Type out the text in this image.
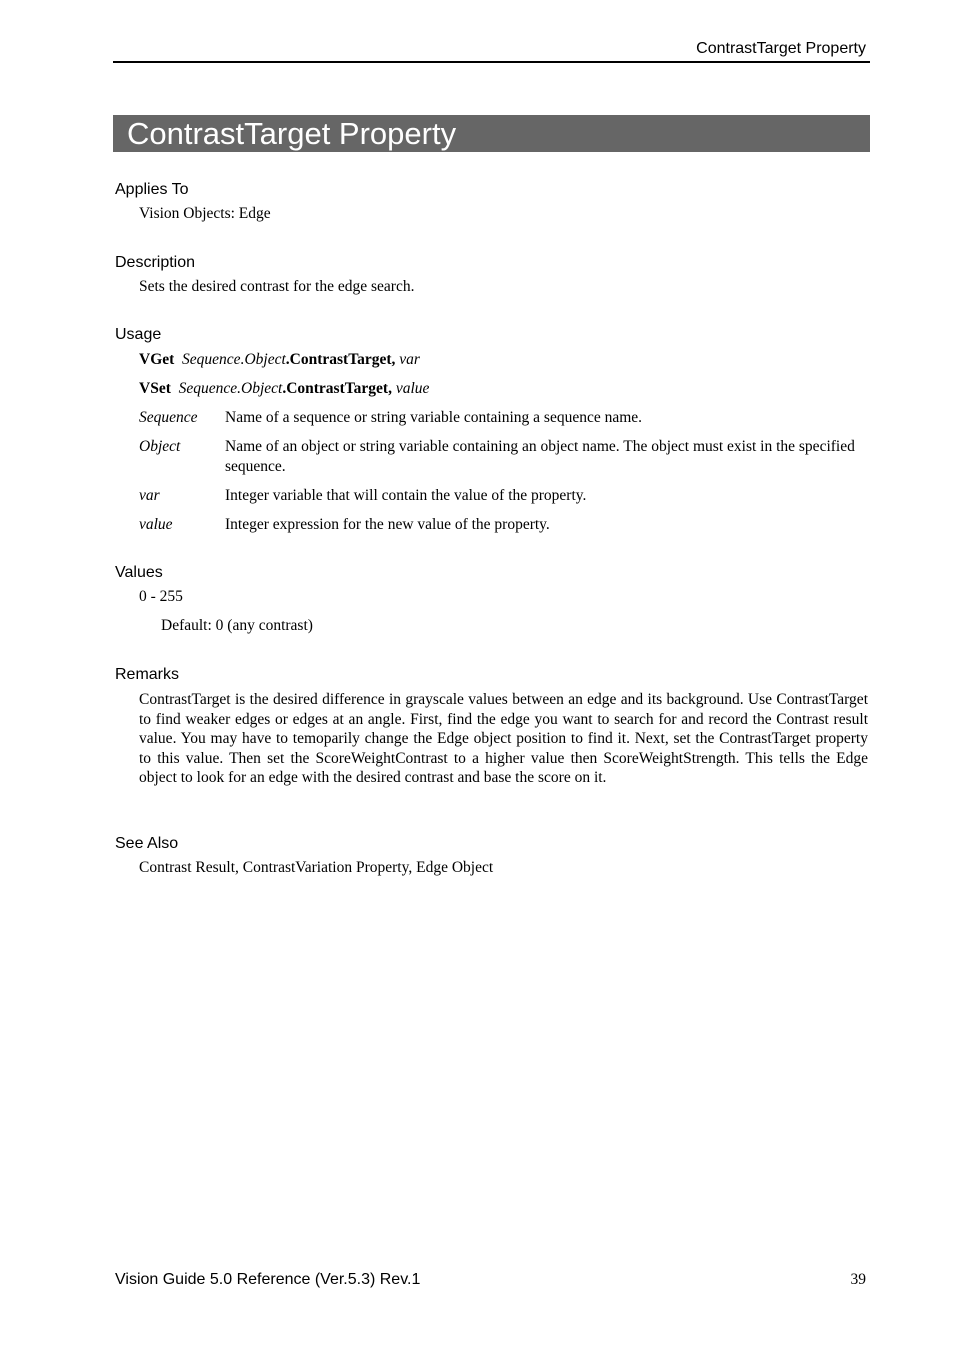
ContrastTarget Property
ContrastTarget Property
Applies To
Vision Objects: Edge
Description
Sets the desired contrast for the edge search.
Usage
VGet Sequence.Object.ContrastTarget, var
VSet Sequence.Object.ContrastTarget, value
Sequence Name of a sequence or string variable containing a sequence name.
Object	Name of an object or string variable containing an object name. The object must exist in the specified sequence.
var	Integer variable that will contain the value of the property.
value	Integer expression for the new value of the property.
Values
0 - 255
Default: 0 (any contrast)
Remarks
ContrastTarget is the desired difference in grayscale values between an edge and its background. Use ContrastTarget to find weaker edges or edges at an angle. First, find the edge you want to search for and record the Contrast result value. You may have to temoparily change the Edge object position to find it. Next, set the ContrastTarget property to this value. Then set the ScoreWeightContrast to a higher value then ScoreWeightStrength. This tells the Edge object to look for an edge with the desired contrast and base the score on it.
See Also
Contrast Result, ContrastVariation Property, Edge Object
Vision Guide 5.0 Reference (Ver.5.3) Rev.1	39
